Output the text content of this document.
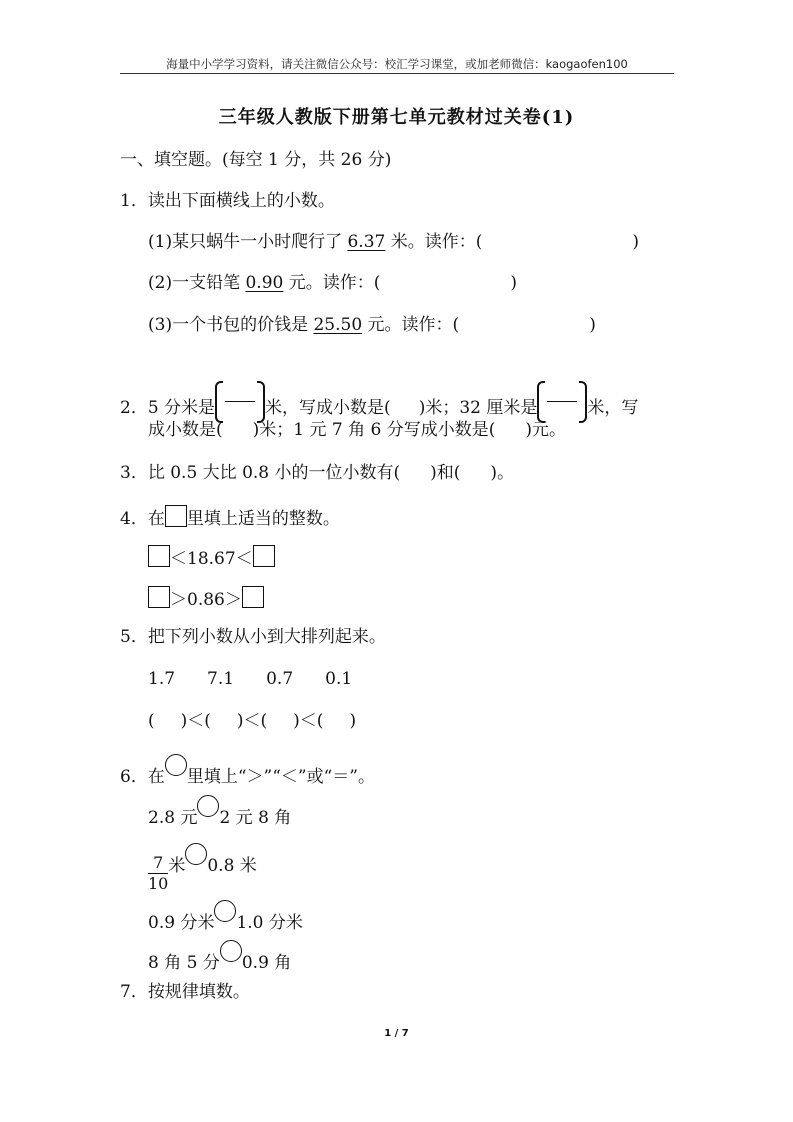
海量中小学学习资料，请关注微信公众号：校汇学习课堂，或加老师微信：kaogaofen100
三年级人教版下册第七单元教材过关卷(1)
一、填空题。(每空 1 分，共 26 分)
1．读出下面横线上的小数。
(1)某只蜗牛一小时爬行了 6.37 米。读作：(	)
(2)一支铅笔 0.90 元。读作：(	)
(3)一个书包的价钱是 25.50 元。读作：(	)
2．5 分米是	米，写成小数是( )米；32 厘米是	米，写
成小数是( )米；1 元 7 角 6 分写成小数是( )元。
3．比 0.5 大比 0.8 小的一位小数有( )和( )。
4．在 里填上适当的整数。
＜18.67＜
＞0.86＞
5．把下列小数从小到大排列起来。
1.7 7.1 0.7 0.1
( )＜( )＜( )＜( )
6．在 里填上“＞”“＜”或“＝”。
2.8 元 2 元 8 角
$\frac{7}{10}$ 米 0.8 米
0.9 分米 1.0 分米
8 角 5 分 0.9 角
7．按规律填数。
1 / 7
